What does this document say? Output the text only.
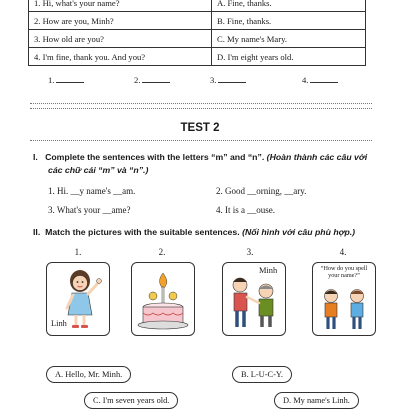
1. Hi, what's your name?	A. Fine, thanks.
2. How are you, Minh?	B. Fine, thanks.
3. How old are you?	C. My name's Mary.
4. I'm fine, thank you. And you?	D. I'm eight years old.
1.	2.	3.	4.
TEST 2
I. Complete the sentences with the letters “m” and “n”. (Hoàn thành các câu với
các chữ cái “m” và “n”.)
1. Hi. __y name's __am.	2. Good __orning, __ary.
3. What's your __ame?	4. It is a __ouse.
II. Match the pictures with the suitable sentences. (Nối hình với câu phù hợp.)
1.	2.	3.	4.
Linh
Minh	“How do you spell your name?”
A. Hello, Mr. Minh.	B. L-U-C-Y.
C. I'm seven years old.	D. My name's Linh.
